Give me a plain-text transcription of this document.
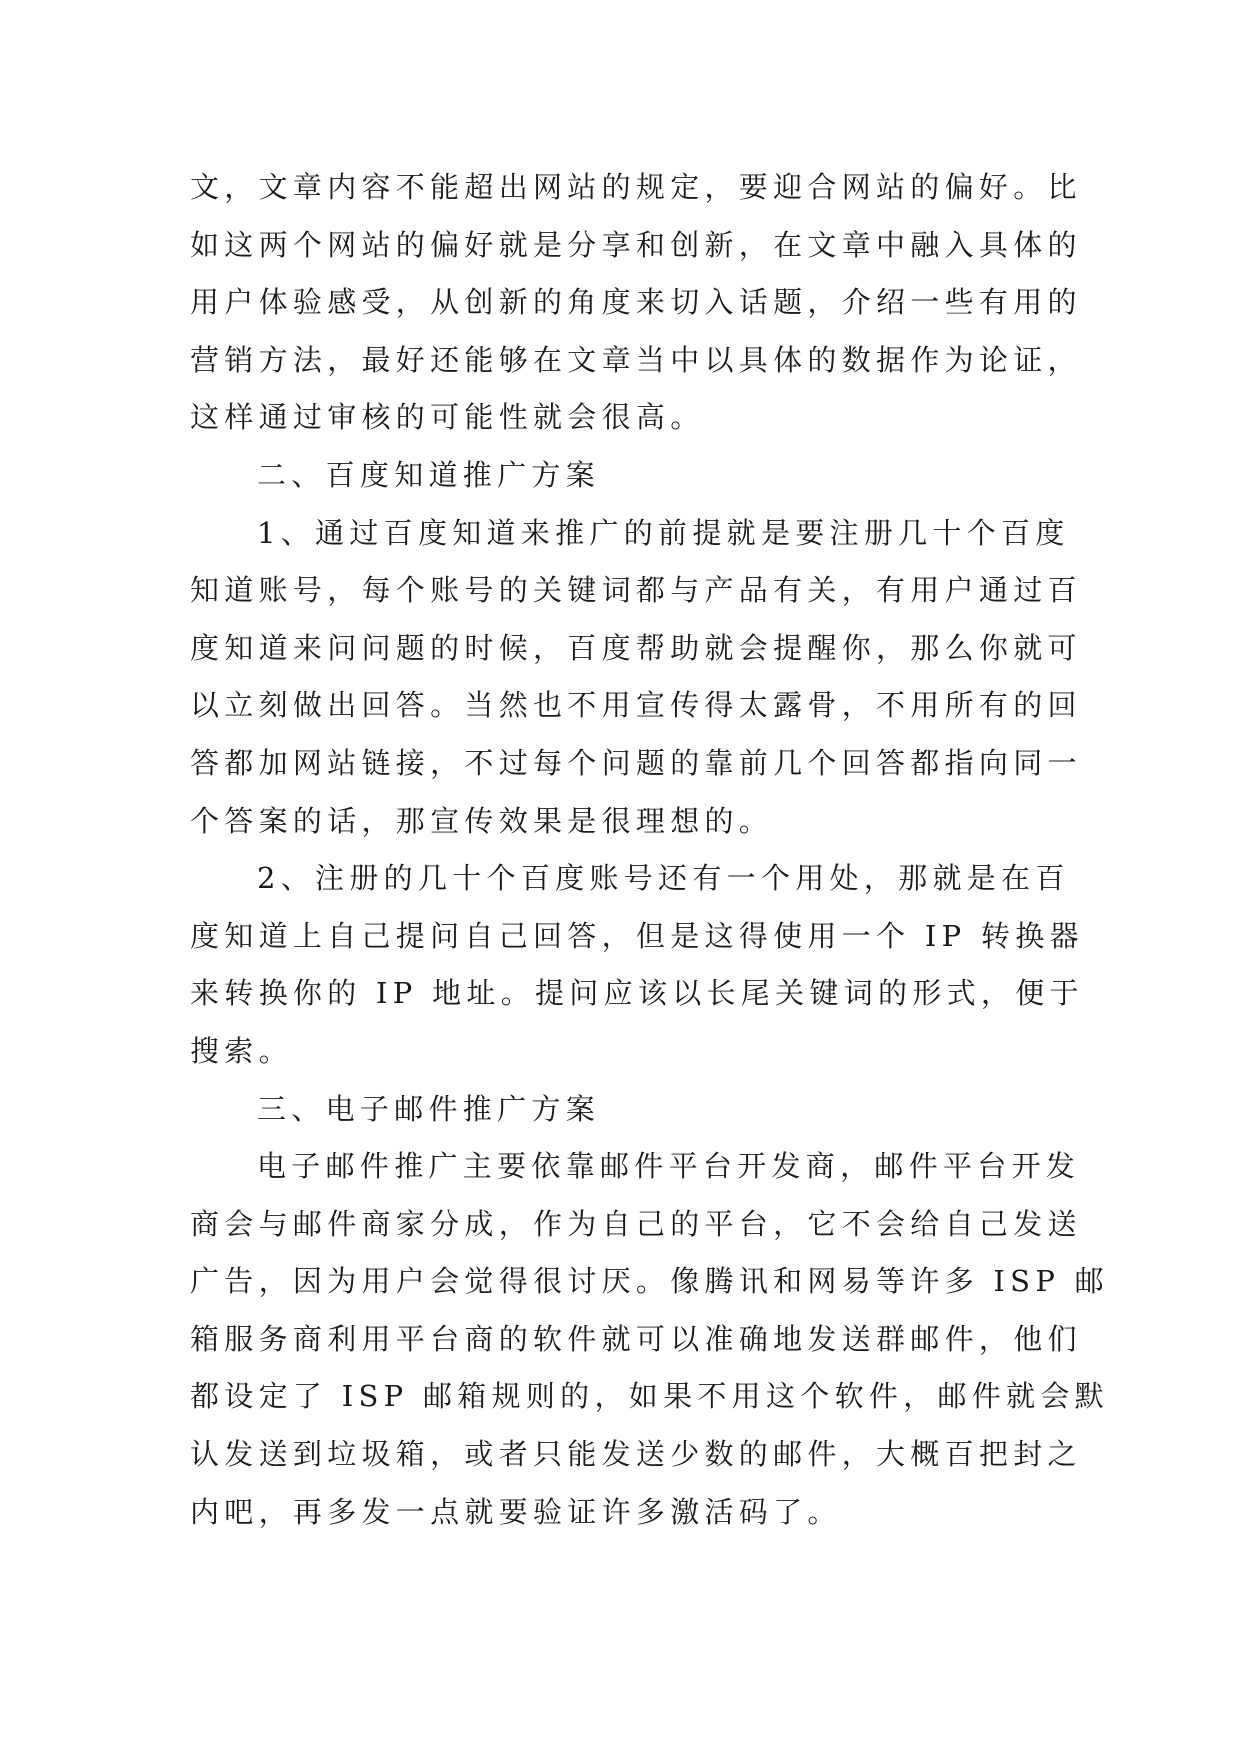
文，文章内容不能超出网站的规定，要迎合网站的偏好。比
如这两个网站的偏好就是分享和创新，在文章中融入具体的
用户体验感受，从创新的角度来切入话题，介绍一些有用的
营销方法，最好还能够在文章当中以具体的数据作为论证，
这样通过审核的可能性就会很高。
二、百度知道推广方案
1、通过百度知道来推广的前提就是要注册几十个百度
知道账号，每个账号的关键词都与产品有关，有用户通过百
度知道来问问题的时候，百度帮助就会提醒你，那么你就可
以立刻做出回答。当然也不用宣传得太露骨，不用所有的回
答都加网站链接，不过每个问题的靠前几个回答都指向同一
个答案的话，那宣传效果是很理想的。
2、注册的几十个百度账号还有一个用处，那就是在百
度知道上自己提问自己回答，但是这得使用一个 IP 转换器
来转换你的 IP 地址。提问应该以长尾关键词的形式，便于
搜索。
三、电子邮件推广方案
电子邮件推广主要依靠邮件平台开发商，邮件平台开发
商会与邮件商家分成，作为自己的平台，它不会给自己发送
广告，因为用户会觉得很讨厌。像腾讯和网易等许多 ISP 邮
箱服务商利用平台商的软件就可以准确地发送群邮件，他们
都设定了 ISP 邮箱规则的，如果不用这个软件，邮件就会默
认发送到垃圾箱，或者只能发送少数的邮件，大概百把封之
内吧，再多发一点就要验证许多激活码了。
